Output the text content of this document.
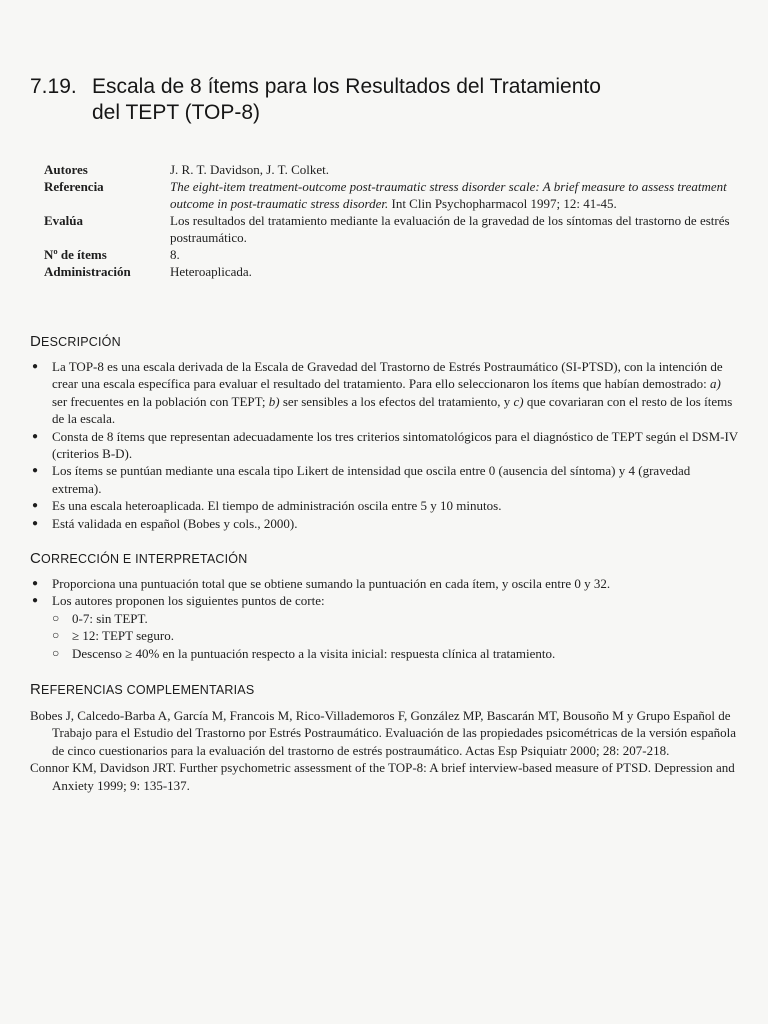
7.19. Escala de 8 ítems para los Resultados del Tratamiento
del TEPT (TOP-8)
Autores	J. R. T. Davidson, J. T. Colket.
Referencia	The eight-item treatment-outcome post-traumatic stress disorder scale: A brief measure to assess treatment outcome in post-traumatic stress disorder. Int Clin Psychopharmacol 1997; 12: 41-45.
Evalúa	Los resultados del tratamiento mediante la evaluación de la gravedad de los síntomas del trastorno de estrés postraumático.
Nº de ítems	8.
Administración	Heteroaplicada.
DESCRIPCIÓN
● La TOP-8 es una escala derivada de la Escala de Gravedad del Trastorno de Estrés Postraumático (SI-PTSD), con la intención de crear una escala específica para evaluar el resultado del tratamiento. Para ello seleccionaron los ítems que habían demostrado: a) ser frecuentes en la población con TEPT; b) ser sensibles a los efectos del tratamiento, y c) que covariaran con el resto de los ítems de la escala.
● Consta de 8 ítems que representan adecuadamente los tres criterios sintomatológicos para el diagnóstico de TEPT según el DSM-IV (criterios B-D).
● Los ítems se puntúan mediante una escala tipo Likert de intensidad que oscila entre 0 (ausencia del síntoma) y 4 (gravedad extrema).
● Es una escala heteroaplicada. El tiempo de administración oscila entre 5 y 10 minutos.
● Está validada en español (Bobes y cols., 2000).
CORRECCIÓN E INTERPRETACIÓN
● Proporciona una puntuación total que se obtiene sumando la puntuación en cada ítem, y oscila entre 0 y 32.
● Los autores proponen los siguientes puntos de corte:
○ 0-7: sin TEPT.
○ ≥ 12: TEPT seguro.
○ Descenso ≥ 40% en la puntuación respecto a la visita inicial: respuesta clínica al tratamiento.
REFERENCIAS COMPLEMENTARIAS
Bobes J, Calcedo-Barba A, García M, Francois M, Rico-Villademoros F, González MP, Bascarán MT, Bousoño M y Grupo Español de Trabajo para el Estudio del Trastorno por Estrés Postraumático. Evaluación de las propiedades psicométricas de la versión española de cinco cuestionarios para la evaluación del trastorno de estrés postraumático. Actas Esp Psiquiatr 2000; 28: 207-218.
Connor KM, Davidson JRT. Further psychometric assessment of the TOP-8: A brief interview-based measure of PTSD. Depression and Anxiety 1999; 9: 135-137.
